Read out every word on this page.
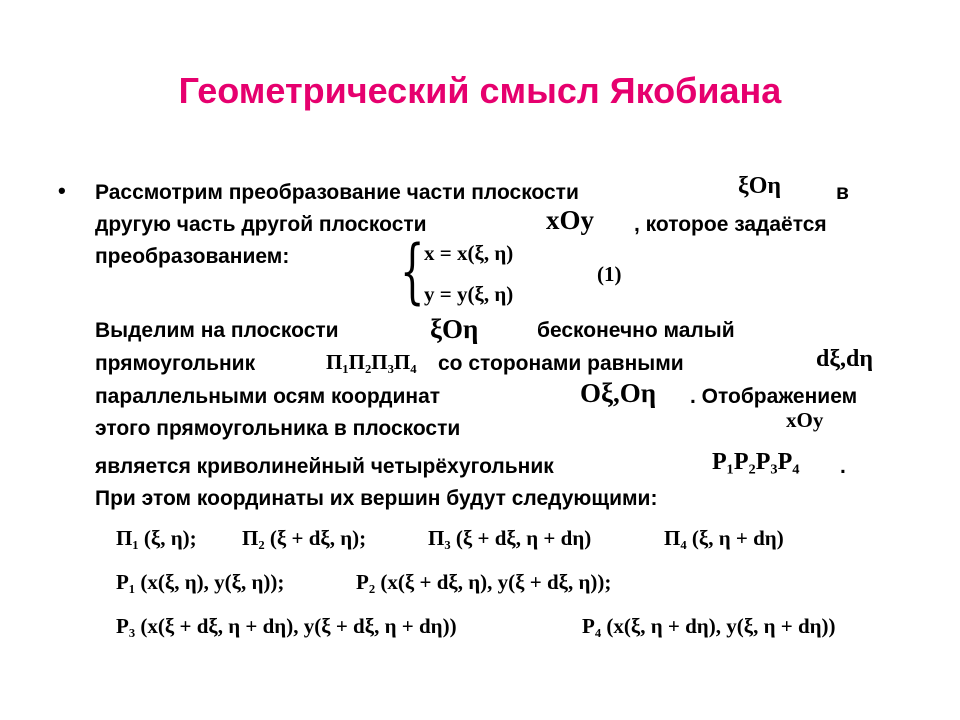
Геометрический смысл Якобиана
• Рассмотрим преобразование части плоскости	ξOη	в
другую часть другой плоскости	xOy , которое задаётся
преобразованием: { x = x(ξ, η)
y = y(ξ, η)
(1)
Выделим на плоскости	ξOη	бесконечно малый
прямоугольник	П₁П₂П₃П₄ со сторонами равными	dξ,dη
параллельными осям координат	Oξ,Oη . Отображением
этого прямоугольника в плоскости	xOy
является криволинейный четырёхугольник	P₁P₂P₃P₄ .
При этом координаты их вершин будут следующими:
П₁ (ξ, η); П₂ (ξ + dξ, η);	П₃ (ξ + dξ, η + dη)	П₄ (ξ, η + dη)
P₁ (x(ξ, η), y(ξ, η));	P₂ (x(ξ + dξ, η), y(ξ + dξ, η));
P₃ (x(ξ + dξ, η + dη), y(ξ + dξ, η + dη))	P₄ (x(ξ, η + dη), y(ξ, η + dη))
